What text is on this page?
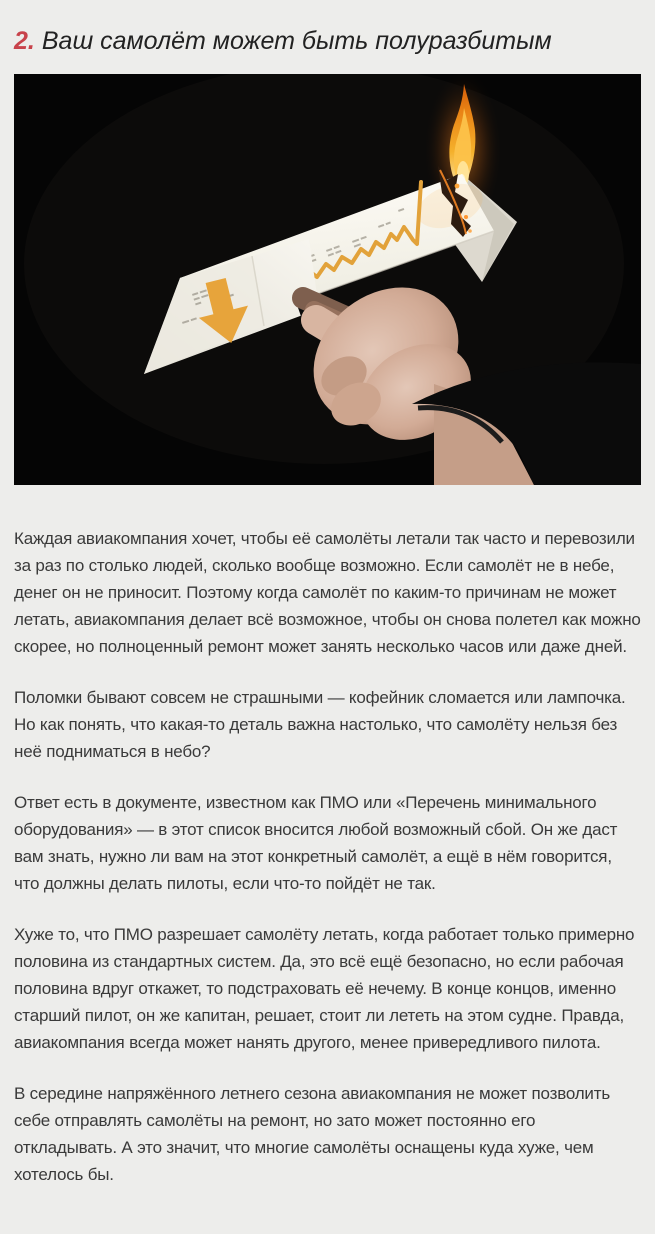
2. Ваш самолёт может быть полуразбитым

Каждая авиакомпания хочет, чтобы её самолёты летали так часто и перевозили за раз по столько людей, сколько вообще возможно. Если самолёт не в небе, денег он не приносит. Поэтому когда самолёт по каким-то причинам не может летать, авиакомпания делает всё возможное, чтобы он снова полетел как можно скорее, но полноценный ремонт может занять несколько часов или даже дней.

Поломки бывают совсем не страшными — кофейник сломается или лампочка. Но как понять, что какая-то деталь важна настолько, что самолёту нельзя без неё подниматься в небо?

Ответ есть в документе, известном как ПМО или «Перечень минимального оборудования» — в этот список вносится любой возможный сбой. Он же даст вам знать, нужно ли вам на этот конкретный самолёт, а ещё в нём говорится, что должны делать пилоты, если что-то пойдёт не так.

Хуже то, что ПМО разрешает самолёту летать, когда работает только примерно половина из стандартных систем. Да, это всё ещё безопасно, но если рабочая половина вдруг откажет, то подстраховать её нечему. В конце концов, именно старший пилот, он же капитан, решает, стоит ли лететь на этом судне. Правда, авиакомпания всегда может нанять другого, менее привередливого пилота.

В середине напряжённого летнего сезона авиакомпания не может позволить себе отправлять самолёты на ремонт, но зато может постоянно его откладывать. А это значит, что многие самолёты оснащены куда хуже, чем хотелось бы.
